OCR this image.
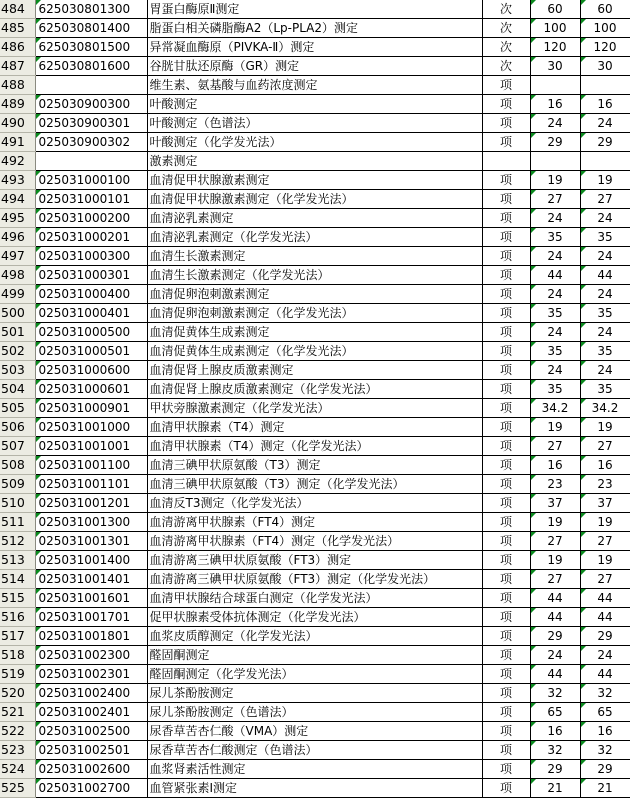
484	625030801300	胃蛋白酶原Ⅱ测定	次	60	60
485	625030801400	脂蛋白相关磷脂酶A2（Lp-PLA2）测定	次	100	100
486	625030801500	异常凝血酶原（PIVKA-Ⅱ）测定	次	120	120
487	625030801600	谷胱甘肽还原酶（GR）测定	次	30	30
488		维生素、氨基酸与血药浓度测定	项		
489	025030900300	叶酸测定	项	16	16
490	025030900301	叶酸测定（色谱法）	项	24	24
491	025030900302	叶酸测定（化学发光法）	项	29	29
492		激素测定			
493	025031000100	血清促甲状腺激素测定	项	19	19
494	025031000101	血清促甲状腺激素测定（化学发光法）	项	27	27
495	025031000200	血清泌乳素测定	项	24	24
496	025031000201	血清泌乳素测定（化学发光法）	项	35	35
497	025031000300	血清生长激素测定	项	24	24
498	025031000301	血清生长激素测定（化学发光法）	项	44	44
499	025031000400	血清促卵泡刺激素测定	项	24	24
500	025031000401	血清促卵泡刺激素测定（化学发光法）	项	35	35
501	025031000500	血清促黄体生成素测定	项	24	24
502	025031000501	血清促黄体生成素测定（化学发光法）	项	35	35
503	025031000600	血清促肾上腺皮质激素测定	项	24	24
504	025031000601	血清促肾上腺皮质激素测定（化学发光法）	项	35	35
505	025031000901	甲状旁腺激素测定（化学发光法）	项	34.2	34.2
506	025031001000	血清甲状腺素（T4）测定	项	19	19
507	025031001001	血清甲状腺素（T4）测定（化学发光法）	项	27	27
508	025031001100	血清三碘甲状原氨酸（T3）测定	项	16	16
509	025031001101	血清三碘甲状原氨酸（T3）测定（化学发光法）	项	23	23
510	025031001201	血清反T3测定（化学发光法）	项	37	37
511	025031001300	血清游离甲状腺素（FT4）测定	项	19	19
512	025031001301	血清游离甲状腺素（FT4）测定（化学发光法）	项	27	27
513	025031001400	血清游离三碘甲状原氨酸（FT3）测定	项	19	19
514	025031001401	血清游离三碘甲状原氨酸（FT3）测定（化学发光法）	项	27	27
515	025031001601	血清甲状腺结合球蛋白测定（化学发光法）	项	44	44
516	025031001701	促甲状腺素受体抗体测定（化学发光法）	项	44	44
517	025031001801	血浆皮质醇测定（化学发光法）	项	29	29
518	025031002300	醛固酮测定	项	24	24
519	025031002301	醛固酮测定（化学发光法）	项	44	44
520	025031002400	尿儿茶酚胺测定	项	32	32
521	025031002401	尿儿茶酚胺测定（色谱法）	项	65	65
522	025031002500	尿香草苦杏仁酸（VMA）测定	项	16	16
523	025031002501	尿香草苦杏仁酸测定（色谱法）	项	32	32
524	025031002600	血浆肾素活性测定	项	29	29
525	025031002700	血管紧张素Ⅰ测定	项	21	21
